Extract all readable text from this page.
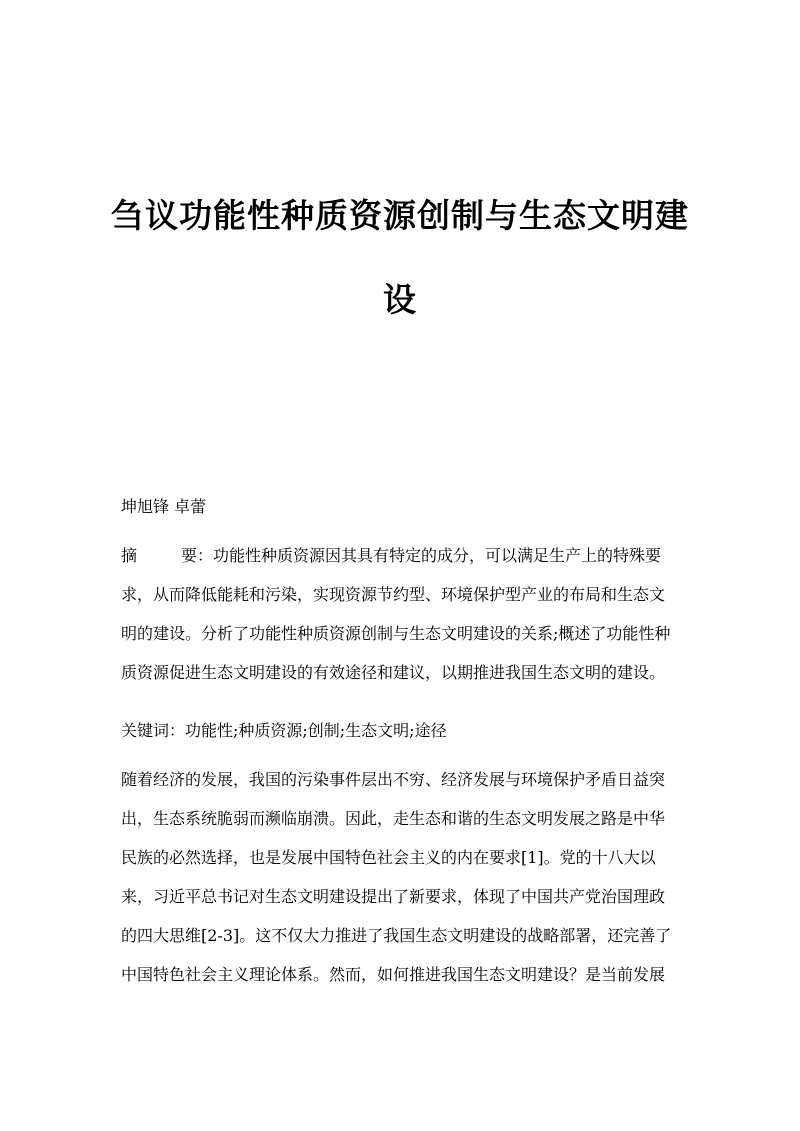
刍议功能性种质资源创制与生态文明建
设
坤旭锋 卓蕾
摘	要：功能性种质资源因其具有特定的成分，可以满足生产上的特殊要
求，从而降低能耗和污染，实现资源节约型、环境保护型产业的布局和生态文
明的建设。分析了功能性种质资源创制与生态文明建设的关系;概述了功能性种
质资源促进生态文明建设的有效途径和建议，以期推进我国生态文明的建设。
关键词：功能性;种质资源;创制;生态文明;途径
随着经济的发展，我国的污染事件层出不穷、经济发展与环境保护矛盾日益突
出，生态系统脆弱而濒临崩溃。因此，走生态和谐的生态文明发展之路是中华
民族的必然选择，也是发展中国特色社会主义的内在要求[1]。党的十八大以
来，习近平总书记对生态文明建设提出了新要求，体现了中国共产党治国理政
的四大思维[2-3]。这不仅大力推进了我国生态文明建设的战略部署，还完善了
中国特色社会主义理论体系。然而，如何推进我国生态文明建设？是当前发展
